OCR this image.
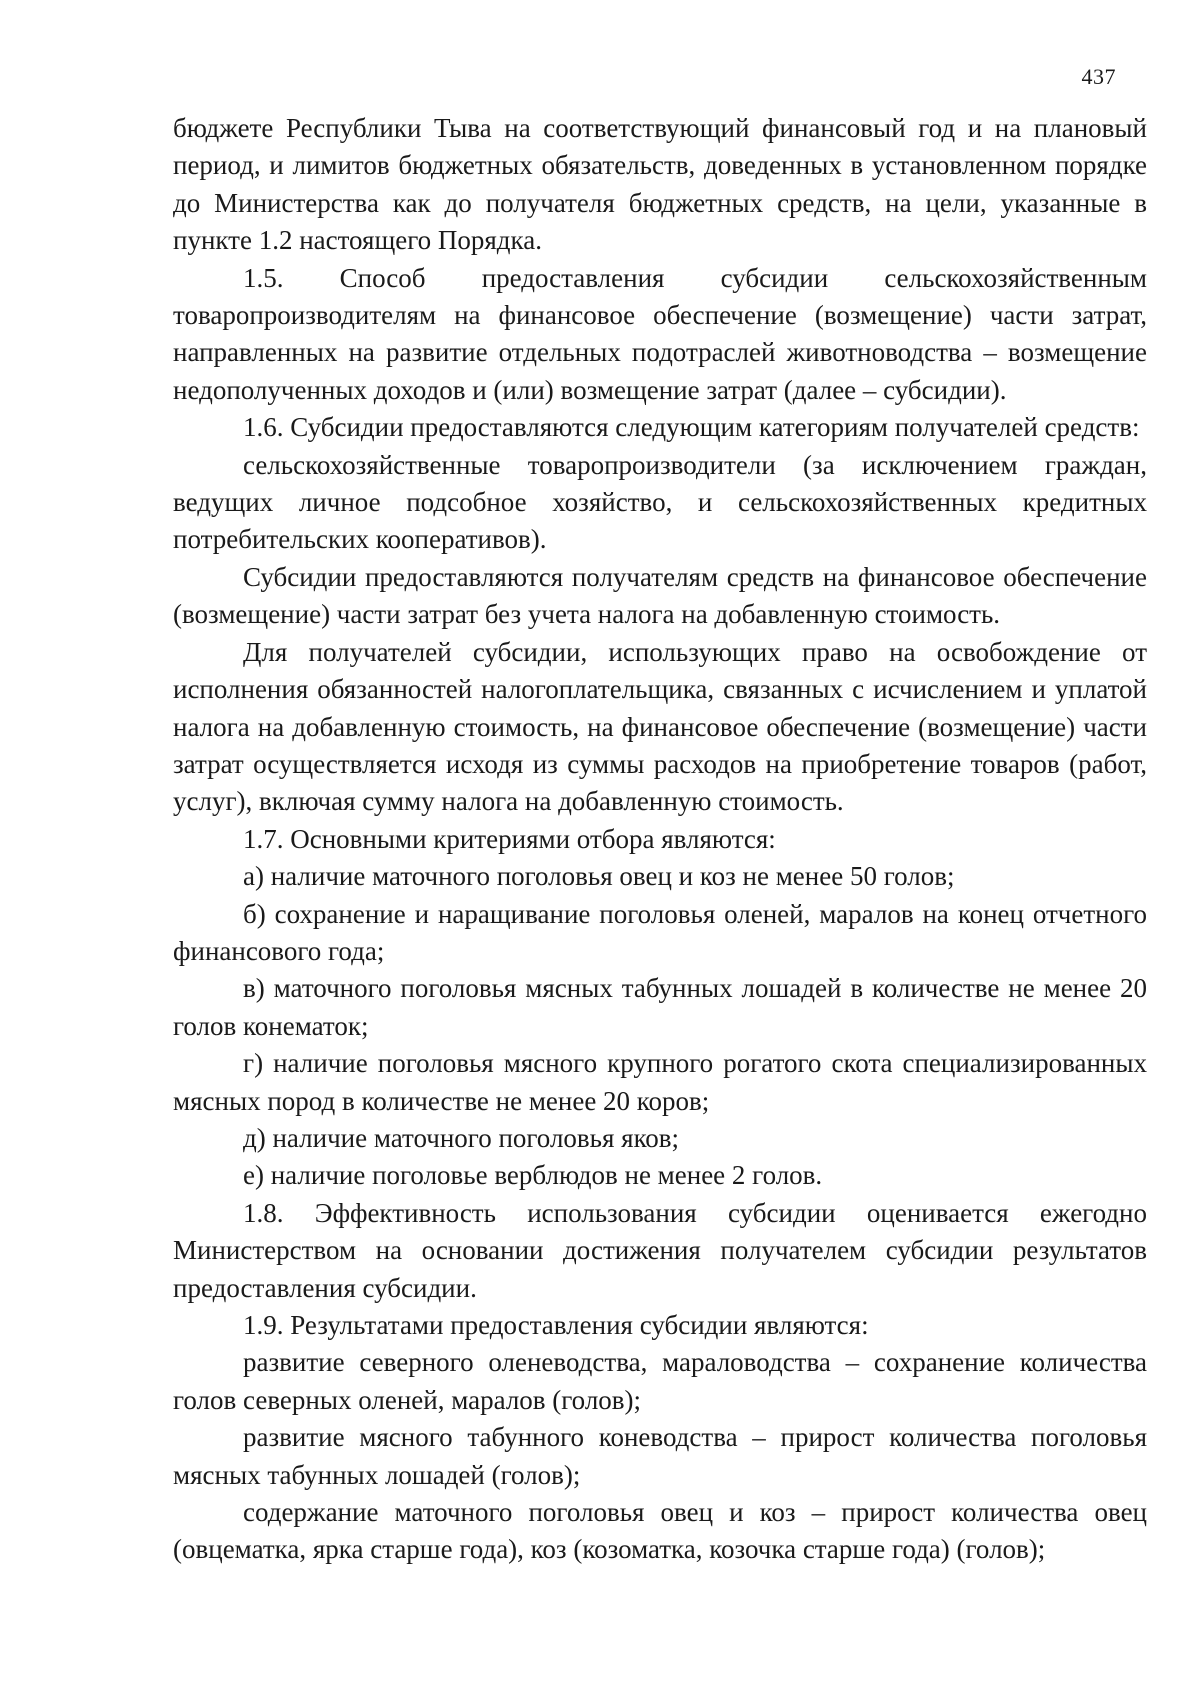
437

бюджете Республики Тыва на соответствующий финансовый год и на плановый период, и лимитов бюджетных обязательств, доведенных в установленном порядке до Министерства как до получателя бюджетных средств, на цели, указанные в пункте 1.2 настоящего Порядка.

1.5. Способ предоставления субсидии сельскохозяйственным товаропроизводителям на финансовое обеспечение (возмещение) части затрат, направленных на развитие отдельных подотраслей животноводства – возмещение недополученных доходов и (или) возмещение затрат (далее – субсидии).

1.6. Субсидии предоставляются следующим категориям получателей средств:

сельскохозяйственные товаропроизводители (за исключением граждан, ведущих личное подсобное хозяйство, и сельскохозяйственных кредитных потребительских кооперативов).

Субсидии предоставляются получателям средств на финансовое обеспечение (возмещение) части затрат без учета налога на добавленную стоимость.

Для получателей субсидии, использующих право на освобождение от исполнения обязанностей налогоплательщика, связанных с исчислением и уплатой налога на добавленную стоимость, на финансовое обеспечение (возмещение) части затрат осуществляется исходя из суммы расходов на приобретение товаров (работ, услуг), включая сумму налога на добавленную стоимость.

1.7. Основными критериями отбора являются:

а) наличие маточного поголовья овец и коз не менее 50 голов;

б) сохранение и наращивание поголовья оленей, маралов на конец отчетного финансового года;

в) маточного поголовья мясных табунных лошадей в количестве не менее 20 голов конематок;

г) наличие поголовья мясного крупного рогатого скота специализированных мясных пород в количестве не менее 20 коров;

д) наличие маточного поголовья яков;

е) наличие поголовье верблюдов не менее 2 голов.

1.8. Эффективность использования субсидии оценивается ежегодно Министерством на основании достижения получателем субсидии результатов предоставления субсидии.

1.9. Результатами предоставления субсидии являются:

развитие северного оленеводства, мараловодства – сохранение количества голов северных оленей, маралов (голов);

развитие мясного табунного коневодства – прирост количества поголовья мясных табунных лошадей (голов);

содержание маточного поголовья овец и коз – прирост количества овец (овцематка, ярка старше года), коз (козоматка, козочка старше года) (голов);
